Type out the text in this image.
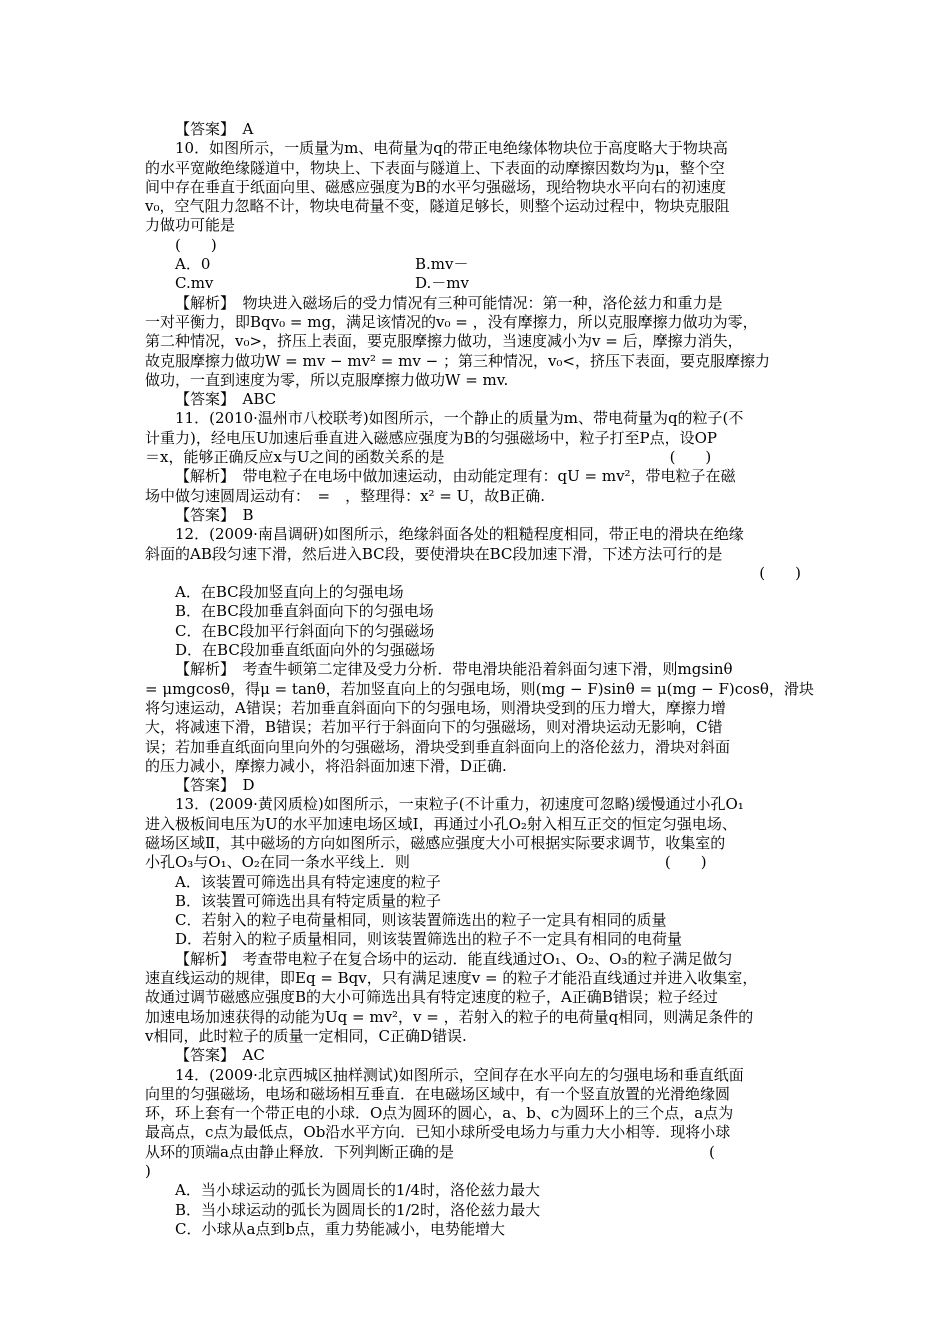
【答案】　A
10．如图所示，一质量为m、电荷量为q的带正电绝缘体物块位于高度略大于物块高
的水平宽敞绝缘隧道中，物块上、下表面与隧道上、下表面的动摩擦因数均为μ，整个空
间中存在垂直于纸面向里、磁感应强度为B的水平匀强磁场，现给物块水平向右的初速度
v₀，空气阻力忽略不计，物块电荷量不变，隧道足够长，则整个运动过程中，物块克服阻
力做功可能是
(　　)
A．0	B.mv－
C.mv	D.－mv
【解析】　物块进入磁场后的受力情况有三种可能情况：第一种，洛伦兹力和重力是
一对平衡力，即Bqv₀ = mg，满足该情况的v₀ = ，没有摩擦力，所以克服摩擦力做功为零，
第二种情况，v₀>，挤压上表面，要克服摩擦力做功，当速度减小为v = 后，摩擦力消失，
故克服摩擦力做功W = mv − mv² = mv − ；第三种情况，v₀<，挤压下表面，要克服摩擦力
做功，一直到速度为零，所以克服摩擦力做功W = mv.
【答案】　ABC
11．(2010·温州市八校联考)如图所示，一个静止的质量为m、带电荷量为q的粒子(不
计重力)，经电压U加速后垂直进入磁感应强度为B的匀强磁场中，粒子打至P点，设OP
＝x，能够正确反应x与U之间的函数关系的是　　　　　　　　　　　　　　　(　　)
【解析】　带电粒子在电场中做加速运动，由动能定理有：qU = mv²，带电粒子在磁
场中做匀速圆周运动有：　=　，整理得：x² = U，故B正确.
【答案】　B
12．(2009·南昌调研)如图所示，绝缘斜面各处的粗糙程度相同，带正电的滑块在绝缘
斜面的AB段匀速下滑，然后进入BC段，要使滑块在BC段加速下滑，下述方法可行的是
(　　)
A．在BC段加竖直向上的匀强电场
B．在BC段加垂直斜面向下的匀强电场
C．在BC段加平行斜面向下的匀强磁场
D．在BC段加垂直纸面向外的匀强磁场
【解析】　考查牛顿第二定律及受力分析．带电滑块能沿着斜面匀速下滑，则mgsinθ
= μmgcosθ，得μ = tanθ，若加竖直向上的匀强电场，则(mg − F)sinθ = μ(mg − F)cosθ，滑块
将匀速运动，A错误；若加垂直斜面向下的匀强电场，则滑块受到的压力增大，摩擦力增
大，将减速下滑，B错误；若加平行于斜面向下的匀强磁场，则对滑块运动无影响，C错
误；若加垂直纸面向里向外的匀强磁场，滑块受到垂直斜面向上的洛伦兹力，滑块对斜面
的压力减小，摩擦力减小，将沿斜面加速下滑，D正确.
【答案】　D
13．(2009·黄冈质检)如图所示，一束粒子(不计重力，初速度可忽略)缓慢通过小孔O₁
进入极板间电压为U的水平加速电场区域Ⅰ，再通过小孔O₂射入相互正交的恒定匀强电场、
磁场区域Ⅱ，其中磁场的方向如图所示，磁感应强度大小可根据实际要求调节，收集室的
小孔O₃与O₁、O₂在同一条水平线上．则　　　　　　　　　　　　　　　　　(　　)
A．该装置可筛选出具有特定速度的粒子
B．该装置可筛选出具有特定质量的粒子
C．若射入的粒子电荷量相同，则该装置筛选出的粒子一定具有相同的质量
D．若射入的粒子质量相同，则该装置筛选出的粒子不一定具有相同的电荷量
【解析】　考查带电粒子在复合场中的运动．能直线通过O₁、O₂、O₃的粒子满足做匀
速直线运动的规律，即Eq = Bqv，只有满足速度v = 的粒子才能沿直线通过并进入收集室，
故通过调节磁感应强度B的大小可筛选出具有特定速度的粒子，A正确B错误；粒子经过
加速电场加速获得的动能为Uq = mv²，v = ，若射入的粒子的电荷量q相同，则满足条件的
v相同，此时粒子的质量一定相同，C正确D错误.
【答案】　AC
14．(2009·北京西城区抽样测试)如图所示，空间存在水平向左的匀强电场和垂直纸面
向里的匀强磁场，电场和磁场相互垂直．在电磁场区域中，有一个竖直放置的光滑绝缘圆
环，环上套有一个带正电的小球．O点为圆环的圆心，a、b、c为圆环上的三个点，a点为
最高点，c点为最低点，Ob沿水平方向．已知小球所受电场力与重力大小相等．现将小球
从环的顶端a点由静止释放．下列判断正确的是　　　　　　　　　　　　　　　　　(
)
A．当小球运动的弧长为圆周长的1/4时，洛伦兹力最大
B．当小球运动的弧长为圆周长的1/2时，洛伦兹力最大
C．小球从a点到b点，重力势能减小，电势能增大
